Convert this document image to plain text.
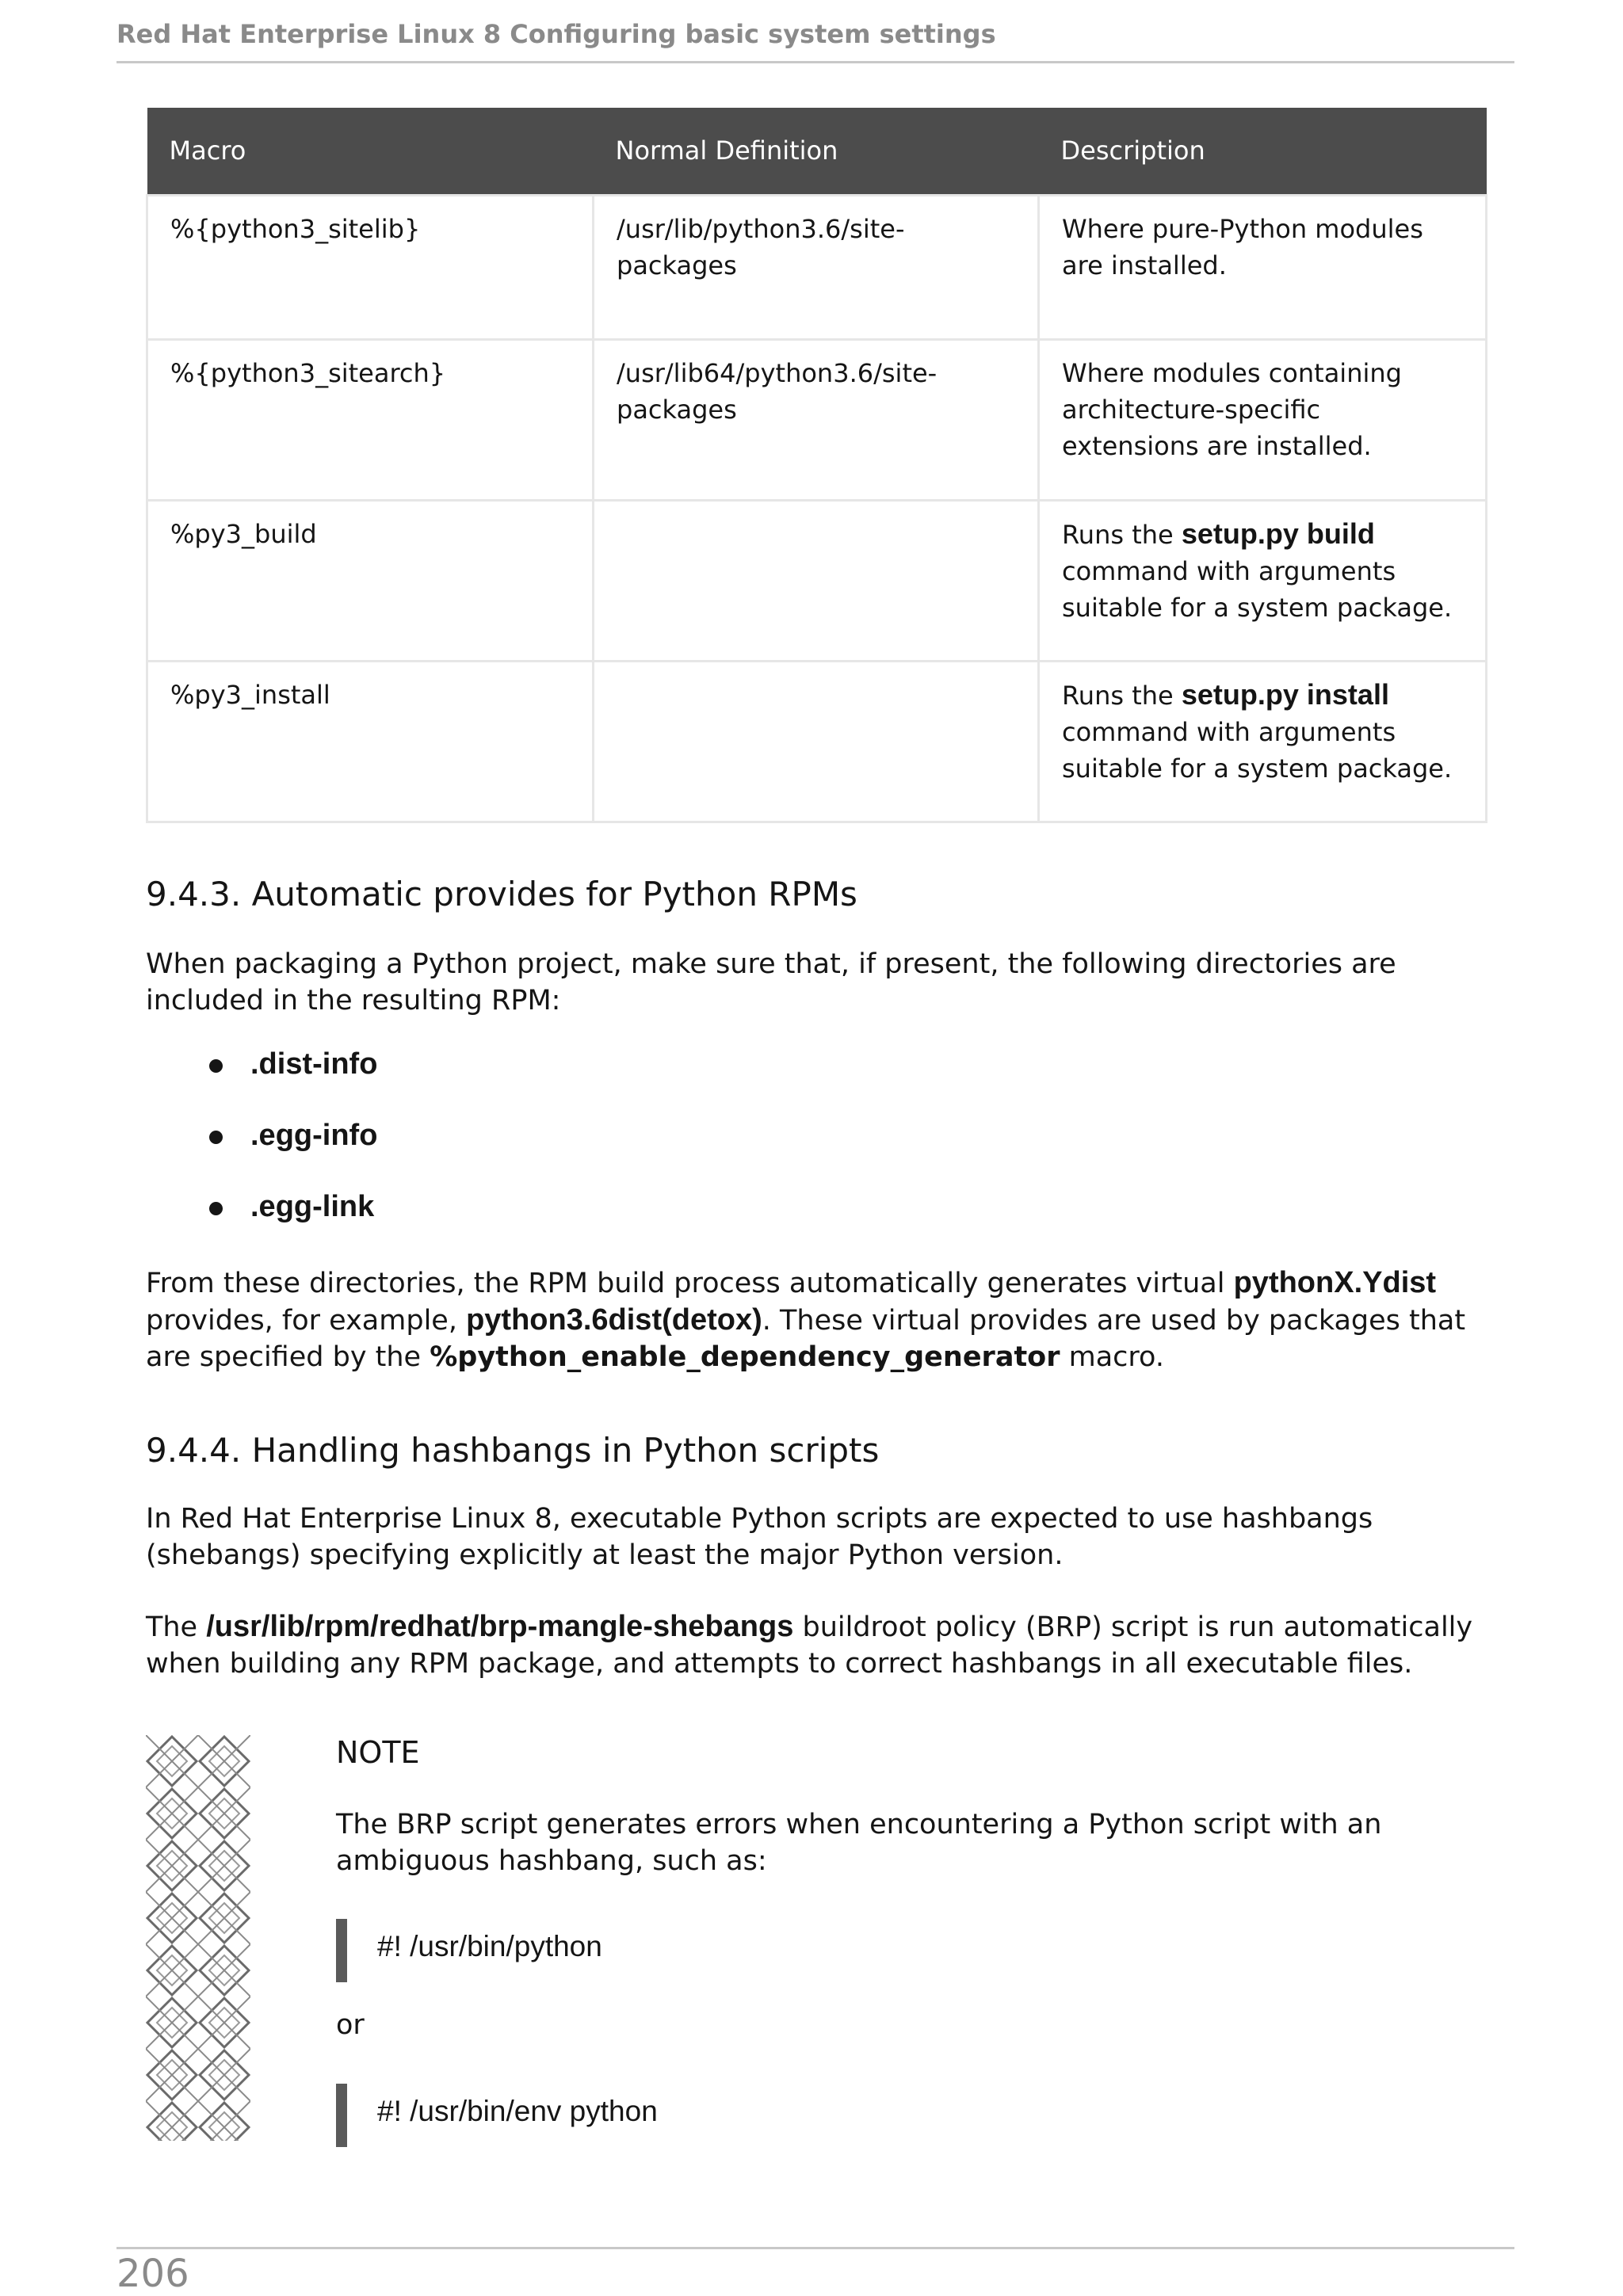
Red Hat Enterprise Linux 8 Configuring basic system settings
Macro	Normal Definition	Description
%{python3_sitelib}	/usr/lib/python3.6/site-packages	Where pure-Python modules are installed.
%{python3_sitearch}	/usr/lib64/python3.6/site-packages	Where modules containing architecture-specific extensions are installed.
%py3_build		Runs the setup.py build command with arguments suitable for a system package.
%py3_install		Runs the setup.py install command with arguments suitable for a system package.
9.4.3. Automatic provides for Python RPMs

When packaging a Python project, make sure that, if present, the following directories are included in the resulting RPM:

.dist-info
.egg-info
.egg-link

From these directories, the RPM build process automatically generates virtual pythonX.Ydist provides, for example, python3.6dist(detox). These virtual provides are used by packages that are specified by the %python_enable_dependency_generator macro.

9.4.4. Handling hashbangs in Python scripts

In Red Hat Enterprise Linux 8, executable Python scripts are expected to use hashbangs (shebangs) specifying explicitly at least the major Python version.

The /usr/lib/rpm/redhat/brp-mangle-shebangs buildroot policy (BRP) script is run automatically when building any RPM package, and attempts to correct hashbangs in all executable files.

NOTE
The BRP script generates errors when encountering a Python script with an ambiguous hashbang, such as:
#! /usr/bin/python
or
#! /usr/bin/env python
206
